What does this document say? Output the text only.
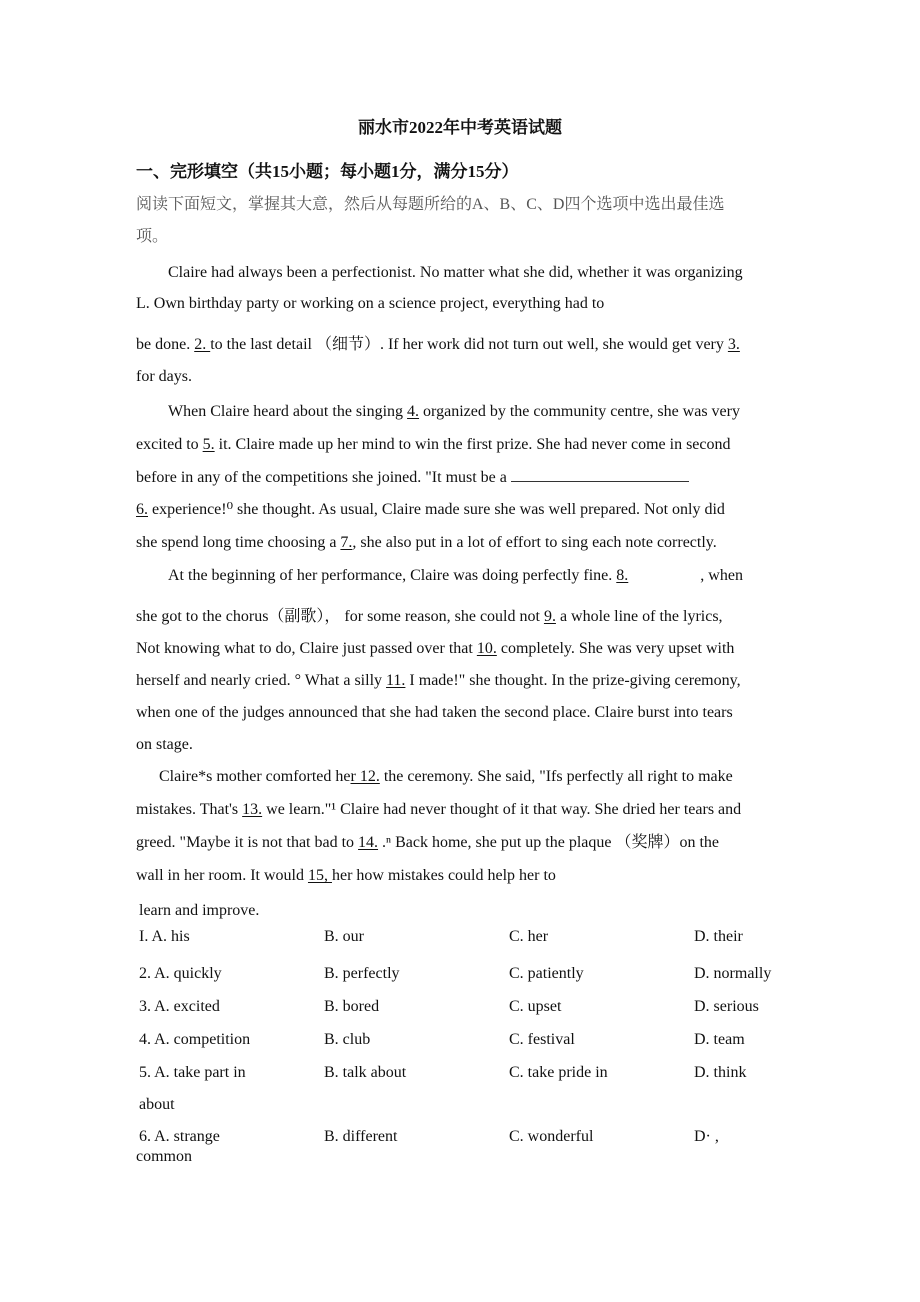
丽水市2022年中考英语试题
一、完形填空（共15小题；每小题1分，满分15分）
阅读下面短文，掌握其大意，然后从每题所给的A、B、C、D四个选项中选出最佳选
项。
Claire had always been a perfectionist. No matter what she did, whether it was organizing
L. Own birthday party or working on a science project, everything had to
be done. 2. to the last detail （细节）. If her work did not turn out well, she would get very 3.
for days.
When Claire heard about the singing 4. organized by the community centre, she was very
excited to 5. it. Claire made up her mind to win the first prize. She had never come in second
before in any of the competitions she joined. "It must be a
6. experience!⁰ she thought. As usual, Claire made sure she was well prepared. Not only did
she spend long time choosing a 7., she also put in a lot of effort to sing each note correctly.
At the beginning of her performance, Claire was doing perfectly fine. 8.                  , when
she got to the chorus（副歌）， for some reason, she could not 9. a whole line of the lyrics,
Not knowing what to do, Claire just passed over that 10. completely. She was very upset with
herself and nearly cried. ° What a silly 11. I made!" she thought. In the prize-giving ceremony,
when one of the judges announced that she had taken the second place. Claire burst into tears
on stage.
Claire*s mother comforted her 12. the ceremony. She said, "Ifs perfectly all right to make
mistakes. That's 13. we learn."¹ Claire had never thought of it that way. She dried her tears and
greed. "Maybe it is not that bad to 14. .ⁿ Back home, she put up the plaque （奖牌）on the
wall in her room. It would 15, her how mistakes could help her to
learn and improve.
I. A. his	B. our	C. her	D. their
2. A. quickly	B. perfectly	C. patiently	D. normally
3. A. excited	B. bored	C. upset	D. serious
4. A. competition	B. club	C. festival	D. team
5. A. take part in	B. talk about	C. take pride in	D. think
about
6. A. strange	B. different	C. wonderful	D· ,
common
